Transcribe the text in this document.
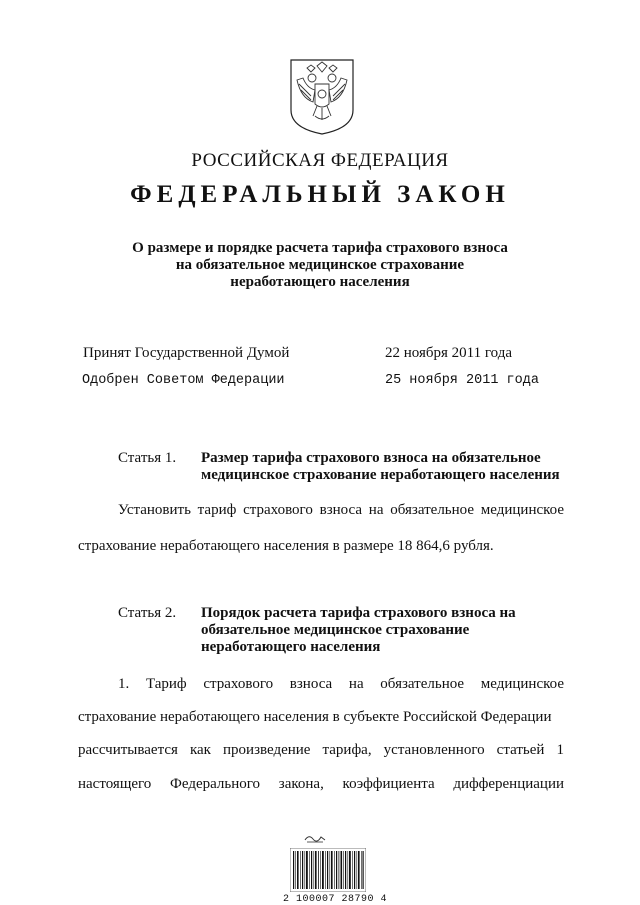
РОССИЙСКАЯ ФЕДЕРАЦИЯ
ФЕДЕРАЛЬНЫЙ ЗАКОН
О размере и порядке расчета тарифа страхового взноса
на обязательное медицинское страхование
неработающего населения
Принят Государственной Думой	22 ноября 2011 года
Одобрен Советом Федерации	25 ноября 2011 года
Статья 1. Размер тарифа страхового взноса на обязательное
медицинское страхование неработающего населения
Установить тариф страхового взноса на обязательное медицинское
страхование неработающего населения в размере 18 864,6 рубля.
Статья 2. Порядок расчета тарифа страхового взноса на
обязательное медицинское страхование
неработающего населения
1. Тариф страхового взноса на обязательное медицинское
страхование неработающего населения в субъекте Российской Федерации
рассчитывается как произведение тарифа, установленного статьей 1
настоящего Федерального закона, коэффициента дифференциации
2 100007 28790 4
